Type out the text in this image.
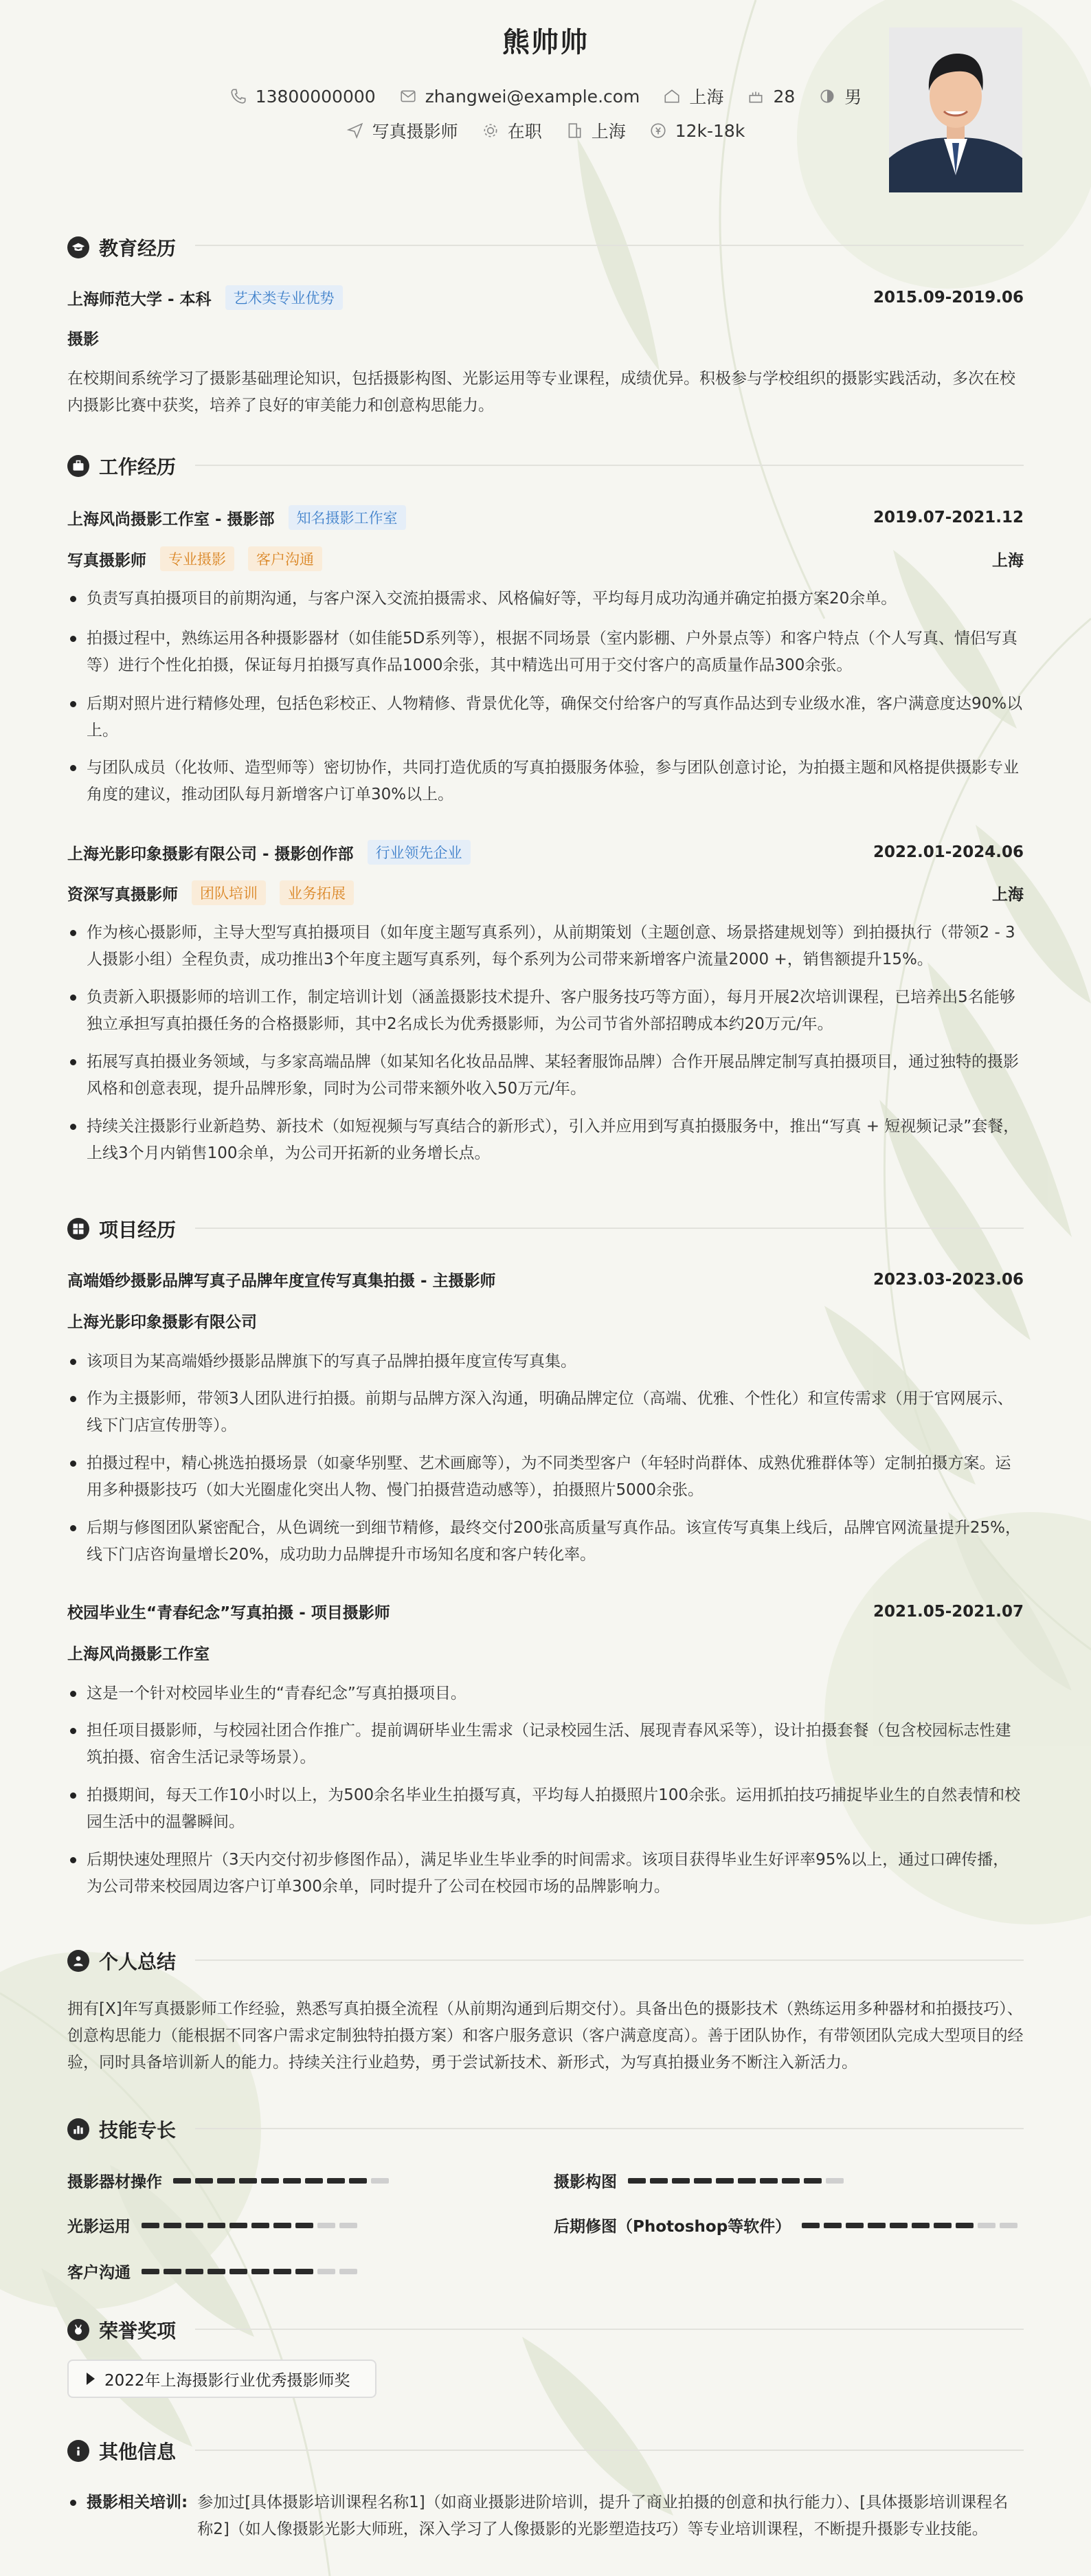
熊帅帅
13800000000	zhangwei@example.com	上海	28	男
写真摄影师	在职	上海	12k-18k
教育经历
上海师范大学 - 本科	艺术类专业优势	2015.09-2019.06
摄影
在校期间系统学习了摄影基础理论知识，包括摄影构图、光影运用等专业课程，成绩优异。积极参与学校组织的摄影实践活动，多次在校内摄影比赛中获奖，培养了良好的审美能力和创意构思能力。
工作经历
上海风尚摄影工作室 - 摄影部	知名摄影工作室	2019.07-2021.12
写真摄影师	专业摄影	客户沟通	上海
负责写真拍摄项目的前期沟通，与客户深入交流拍摄需求、风格偏好等，平均每月成功沟通并确定拍摄方案20余单。
拍摄过程中，熟练运用各种摄影器材（如佳能5D系列等），根据不同场景（室内影棚、户外景点等）和客户特点（个人写真、情侣写真等）进行个性化拍摄，保证每月拍摄写真作品1000余张，其中精选出可用于交付客户的高质量作品300余张。
后期对照片进行精修处理，包括色彩校正、人物精修、背景优化等，确保交付给客户的写真作品达到专业级水准，客户满意度达90%以上。
与团队成员（化妆师、造型师等）密切协作，共同打造优质的写真拍摄服务体验，参与团队创意讨论，为拍摄主题和风格提供摄影专业角度的建议，推动团队每月新增客户订单30%以上。
上海光影印象摄影有限公司 - 摄影创作部	行业领先企业	2022.01-2024.06
资深写真摄影师	团队培训	业务拓展	上海
作为核心摄影师，主导大型写真拍摄项目（如年度主题写真系列），从前期策划（主题创意、场景搭建规划等）到拍摄执行（带领2 - 3人摄影小组）全程负责，成功推出3个年度主题写真系列，每个系列为公司带来新增客户流量2000 +，销售额提升15%。
负责新入职摄影师的培训工作，制定培训计划（涵盖摄影技术提升、客户服务技巧等方面），每月开展2次培训课程，已培养出5名能够独立承担写真拍摄任务的合格摄影师，其中2名成长为优秀摄影师，为公司节省外部招聘成本约20万元/年。
拓展写真拍摄业务领域，与多家高端品牌（如某知名化妆品品牌、某轻奢服饰品牌）合作开展品牌定制写真拍摄项目，通过独特的摄影风格和创意表现，提升品牌形象，同时为公司带来额外收入50万元/年。
持续关注摄影行业新趋势、新技术（如短视频与写真结合的新形式），引入并应用到写真拍摄服务中，推出“写真 + 短视频记录”套餐，上线3个月内销售100余单，为公司开拓新的业务增长点。
项目经历
高端婚纱摄影品牌写真子品牌年度宣传写真集拍摄 - 主摄影师	2023.03-2023.06
上海光影印象摄影有限公司
该项目为某高端婚纱摄影品牌旗下的写真子品牌拍摄年度宣传写真集。
作为主摄影师，带领3人团队进行拍摄。前期与品牌方深入沟通，明确品牌定位（高端、优雅、个性化）和宣传需求（用于官网展示、线下门店宣传册等）。
拍摄过程中，精心挑选拍摄场景（如豪华别墅、艺术画廊等），为不同类型客户（年轻时尚群体、成熟优雅群体等）定制拍摄方案。运用多种摄影技巧（如大光圈虚化突出人物、慢门拍摄营造动感等），拍摄照片5000余张。
后期与修图团队紧密配合，从色调统一到细节精修，最终交付200张高质量写真作品。该宣传写真集上线后，品牌官网流量提升25%，线下门店咨询量增长20%，成功助力品牌提升市场知名度和客户转化率。
校园毕业生“青春纪念”写真拍摄 - 项目摄影师	2021.05-2021.07
上海风尚摄影工作室
这是一个针对校园毕业生的“青春纪念”写真拍摄项目。
担任项目摄影师，与校园社团合作推广。提前调研毕业生需求（记录校园生活、展现青春风采等），设计拍摄套餐（包含校园标志性建筑拍摄、宿舍生活记录等场景）。
拍摄期间，每天工作10小时以上，为500余名毕业生拍摄写真，平均每人拍摄照片100余张。运用抓拍技巧捕捉毕业生的自然表情和校园生活中的温馨瞬间。
后期快速处理照片（3天内交付初步修图作品），满足毕业生毕业季的时间需求。该项目获得毕业生好评率95%以上，通过口碑传播，为公司带来校园周边客户订单300余单，同时提升了公司在校园市场的品牌影响力。
个人总结
拥有[X]年写真摄影师工作经验，熟悉写真拍摄全流程（从前期沟通到后期交付）。具备出色的摄影技术（熟练运用多种器材和拍摄技巧）、创意构思能力（能根据不同客户需求定制独特拍摄方案）和客户服务意识（客户满意度高）。善于团队协作，有带领团队完成大型项目的经验，同时具备培训新人的能力。持续关注行业趋势，勇于尝试新技术、新形式，为写真拍摄业务不断注入新活力。
技能专长
摄影器材操作	摄影构图
光影运用	后期修图（Photoshop等软件）
客户沟通
荣誉奖项
2022年上海摄影行业优秀摄影师奖
其他信息
摄影相关培训: 参加过[具体摄影培训课程名称1]（如商业摄影进阶培训，提升了商业拍摄的创意和执行能力）、[具体摄影培训课程名称2]（如人像摄影光影大师班，深入学习了人像摄影的光影塑造技巧）等专业培训课程，不断提升摄影专业技能。
